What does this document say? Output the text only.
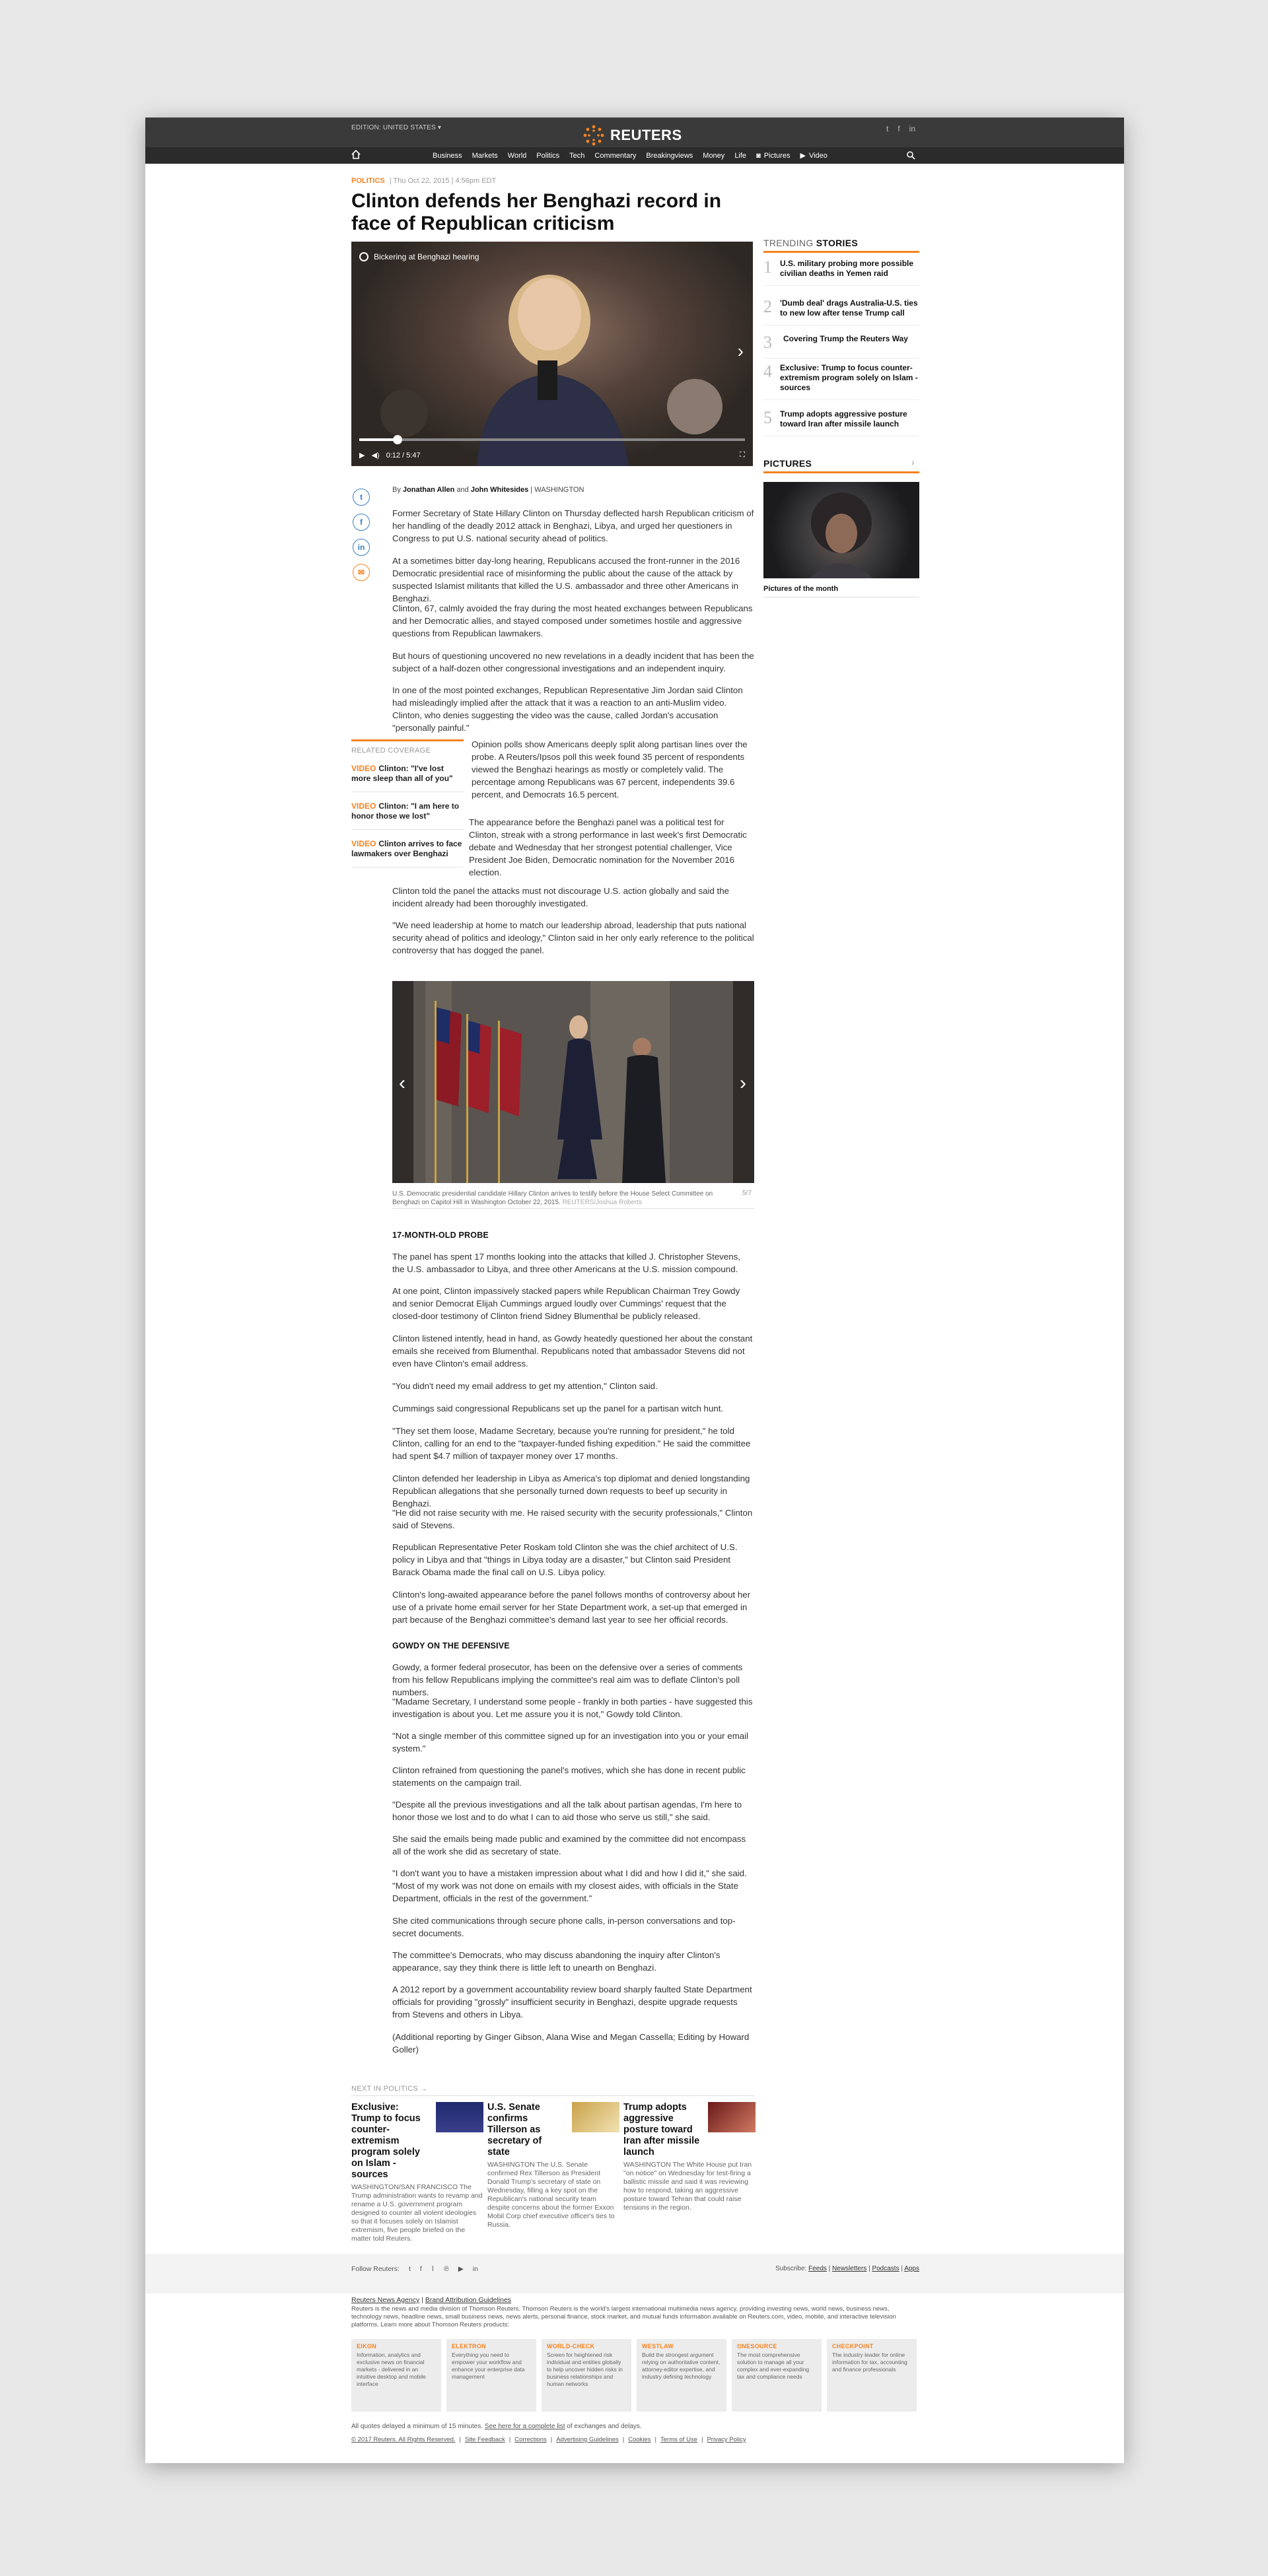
EDITION: UNITED STATES ▾	REUTERS	t f in
Business Markets World Politics Tech Commentary Breakingviews Money Life ◙ Pictures ▶ Video
POLITICS | Thu Oct 22, 2015 | 4:56pm EDT
Clinton defends her Benghazi record in face of Republican criticism
Bickering at Benghazi hearing
›
▶ ◀) 0:12 / 5:47	⛶
t
f
in
✉
By Jonathan Allen and John Whitesides | WASHINGTON

Former Secretary of State Hillary Clinton on Thursday deflected harsh Republican criticism of her handling of the deadly 2012 attack in Benghazi, Libya, and urged her questioners in Congress to put U.S. national security ahead of politics.

At a sometimes bitter day-long hearing, Republicans accused the front-runner in the 2016 Democratic presidential race of misinforming the public about the cause of the attack by suspected Islamist militants that killed the U.S. ambassador and three other Americans in Benghazi.

Clinton, 67, calmly avoided the fray during the most heated exchanges between Republicans and her Democratic allies, and stayed composed under sometimes hostile and aggressive questions from Republican lawmakers.

But hours of questioning uncovered no new revelations in a deadly incident that has been the subject of a half-dozen other congressional investigations and an independent inquiry.

In one of the most pointed exchanges, Republican Representative Jim Jordan said Clinton had misleadingly implied after the attack that it was a reaction to an anti-Muslim video. Clinton, who denies suggesting the video was the cause, called Jordan's accusation "personally painful."

RELATED COVERAGE
VIDEO Clinton: "I've lost more sleep than all of you"
VIDEO Clinton: "I am here to honor those we lost"
VIDEO Clinton arrives to face lawmakers over Benghazi

Opinion polls show Americans deeply split along partisan lines over the probe. A Reuters/Ipsos poll this week found 35 percent of respondents viewed the Benghazi hearings as mostly or completely valid. The percentage among Republicans was 67 percent, independents 39.6 percent, and Democrats 16.5 percent.

The appearance before the Benghazi panel was a political test for Clinton, streak with a strong performance in last week's first Democratic debate and Wednesday that her strongest potential challenger, Vice President Joe Biden, Democratic nomination for the November 2016 election.

Clinton told the panel the attacks must not discourage U.S. action globally and said the incident already had been thoroughly investigated.

"We need leadership at home to match our leadership abroad, leadership that puts national security ahead of politics and ideology," Clinton said in her only early reference to the political controversy that has dogged the panel.

TRENDING STORIES
1 U.S. military probing more possible civilian deaths in Yemen raid
2 'Dumb deal' drags Australia-U.S. ties to new low after tense Trump call
3	Covering Trump the Reuters Way
4 Exclusive: Trump to focus counter-extremism program solely on Islam - sources
5 Trump adopts aggressive posture toward Iran after missile launch
PICTURES	›
Pictures of the month
‹	›
U.S. Democratic presidential candidate Hillary Clinton arrives to testify before the House Select Committee on Benghazi on Capitol Hill in Washington October 22, 2015. REUTERS/Joshua Roberts
5/7
17-MONTH-OLD PROBE

The panel has spent 17 months looking into the attacks that killed J. Christopher Stevens, the U.S. ambassador to Libya, and three other Americans at the U.S. mission compound.

At one point, Clinton impassively stacked papers while Republican Chairman Trey Gowdy and senior Democrat Elijah Cummings argued loudly over Cummings' request that the closed-door testimony of Clinton friend Sidney Blumenthal be publicly released.

Clinton listened intently, head in hand, as Gowdy heatedly questioned her about the constant emails she received from Blumenthal. Republicans noted that ambassador Stevens did not even have Clinton's email address.

"You didn't need my email address to get my attention," Clinton said.

Cummings said congressional Republicans set up the panel for a partisan witch hunt.

"They set them loose, Madame Secretary, because you're running for president," he told Clinton, calling for an end to the "taxpayer-funded fishing expedition." He said the committee had spent $4.7 million of taxpayer money over 17 months.

Clinton defended her leadership in Libya as America's top diplomat and denied longstanding Republican allegations that she personally turned down requests to beef up security in Benghazi.

"He did not raise security with me. He raised security with the security professionals," Clinton said of Stevens.

Republican Representative Peter Roskam told Clinton she was the chief architect of U.S. policy in Libya and that "things in Libya today are a disaster," but Clinton said President Barack Obama made the final call on U.S. Libya policy.

Clinton's long-awaited appearance before the panel follows months of controversy about her use of a private home email server for her State Department work, a set-up that emerged in part because of the Benghazi committee's demand last year to see her official records.

GOWDY ON THE DEFENSIVE

Gowdy, a former federal prosecutor, has been on the defensive over a series of comments from his fellow Republicans implying the committee's real aim was to deflate Clinton's poll numbers.

"Madame Secretary, I understand some people - frankly in both parties - have suggested this investigation is about you. Let me assure you it is not," Gowdy told Clinton.

"Not a single member of this committee signed up for an investigation into you or your email system."

Clinton refrained from questioning the panel's motives, which she has done in recent public statements on the campaign trail.

"Despite all the previous investigations and all the talk about partisan agendas, I'm here to honor those we lost and to do what I can to aid those who serve us still," she said.

She said the emails being made public and examined by the committee did not encompass all of the work she did as secretary of state.

"I don't want you to have a mistaken impression about what I did and how I did it," she said. "Most of my work was not done on emails with my closest aides, with officials in the State Department, officials in the rest of the government."

She cited communications through secure phone calls, in-person conversations and top-secret documents.

The committee's Democrats, who may discuss abandoning the inquiry after Clinton's appearance, say they think there is little left to unearth on Benghazi.

A 2012 report by a government accountability review board sharply faulted State Department officials for providing "grossly" insufficient security in Benghazi, despite upgrade requests from Stevens and others in Libya.

(Additional reporting by Ginger Gibson, Alana Wise and Megan Cassella; Editing by Howard Goller)

NEXT IN POLITICS →
Exclusive: Trump to focus counter-extremism program solely on Islam - sources
WASHINGTON/SAN FRANCISCO The Trump administration wants to revamp and rename a U.S. government program designed to counter all violent ideologies so that it focuses solely on Islamist extremism, five people briefed on the matter told Reuters.
U.S. Senate confirms Tillerson as secretary of state
WASHINGTON The U.S. Senate confirmed Rex Tillerson as President Donald Trump's secretary of state on Wednesday, filling a key spot on the Republican's national security team despite concerns about the former Exxon Mobil Corp chief executive officer's ties to Russia.
Trump adopts aggressive posture toward Iran after missile launch
WASHINGTON The White House put Iran "on notice" on Wednesday for test-firing a ballistic missile and said it was reviewing how to respond, taking an aggressive posture toward Tehran that could raise tensions in the region.
Follow Reuters: t f ⌇ ℗ ▶ in	Subscribe: Feeds | Newsletters | Podcasts | Apps
Reuters News Agency | Brand Attribution Guidelines
Reuters is the news and media division of Thomson Reuters. Thomson Reuters is the world's largest international multimedia news agency, providing investing news, world news, business news, technology news, headline news, small business news, news alerts, personal finance, stock market, and mutual funds information available on Reuters.com, video, mobile, and interactive television platforms. Learn more about Thomson Reuters products:
EIKON
Information, analytics and exclusive news on financial markets - delivered in an intuitive desktop and mobile interface
ELEKTRON
Everything you need to empower your workflow and enhance your enterprise data management
WORLD-CHECK
Screen for heightened risk individual and entities globally to help uncover hidden risks in business relationships and human networks
WESTLAW
Build the strongest argument relying on authoritative content, attorney-editor expertise, and industry defining technology
ONESOURCE
The most comprehensive solution to manage all your complex and ever-expanding tax and compliance needs
CHECKPOINT
The industry leader for online information for tax, accounting and finance professionals
All quotes delayed a minimum of 15 minutes. See here for a complete list of exchanges and delays.
© 2017 Reuters. All Rights Reserved. | Site Feedback | Corrections | Advertising Guidelines | Cookies | Terms of Use | Privacy Policy
